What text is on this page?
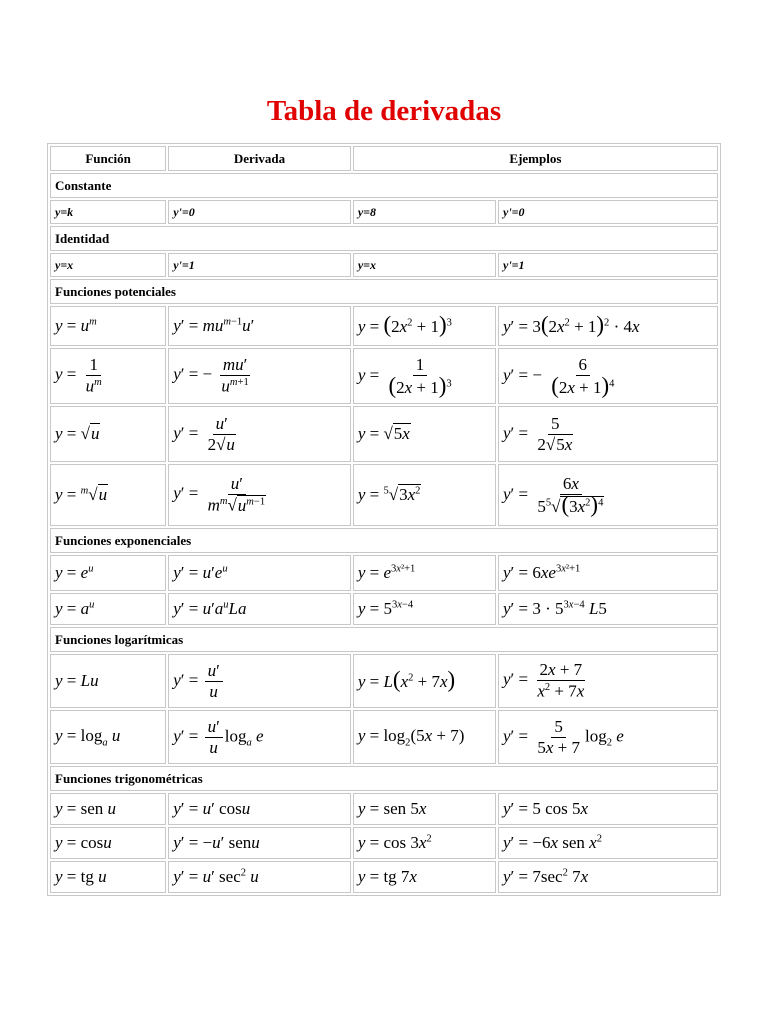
Tabla de derivadas
Función	Derivada	Ejemplos	
Constante			
y=k	y'=0	y=8	y'=0
Identidad			
y=x	y'=1	y=x	y'=1
Funciones potenciales			
$y = u^m$	$y' = mu^{m-1}u'$	$y = (2x^2 + 1)^3$	$y' = 3(2x^2 + 1)^2 \cdot 4x$
$y = \frac{1}{u^m}$	y′ = − $\frac{mu'}{u^{m+1}}$	$y = \frac{1}{(2x + 1)^3}$	y′ = − $\frac{6}{(2x + 1)^4}$

y = √u	$y' = \frac{u'}{2√u}$	y = √5x	$y' = \frac{5}{2√5x}$

y = $^m$√u	$y' = \frac{u'}{m^m√u^{m-1}}$	$y = ^5√3x^2$	$y' = \frac{6x}{5^5√(3x^2)^4}$

Funciones exponenciales			
$y = e^u$	$y' = u'e^u$	$y = e^{3x^2+1}$	$y' = 6xe^{3x^2+1}$
$y = a^u$	$y' = u'a^uLa$	$y = 5^{3x-4}$	$y' = 3 \cdot 5^{3x-4}$ L5
Funciones logarítmicas			
y = Lu	$y' = \frac{u'}{u}$	$y = L(x^2 + 7x)$	$y' = \frac{2x + 7}{x^2 + 7x}$

$y = \log_a u$	$y' = \frac{u'}{u} \log_a e$	$y = \log_2(5x + 7)$	$y' = \frac{5}{5x + 7} \log_2 e$
Funciones trigonométricas			
y = sen u	y′ = u′ cosu	y = sen 5x	y′ = 5 cos 5x
y = cosu	y′ = −u′ senu	$y = \cos 3x^2$	y′ = −6x sen $x^2$
y = tg u	y′ = u′ $\sec^2 u$	y = tg 7x	$y' = 7\sec^2$ 7x
